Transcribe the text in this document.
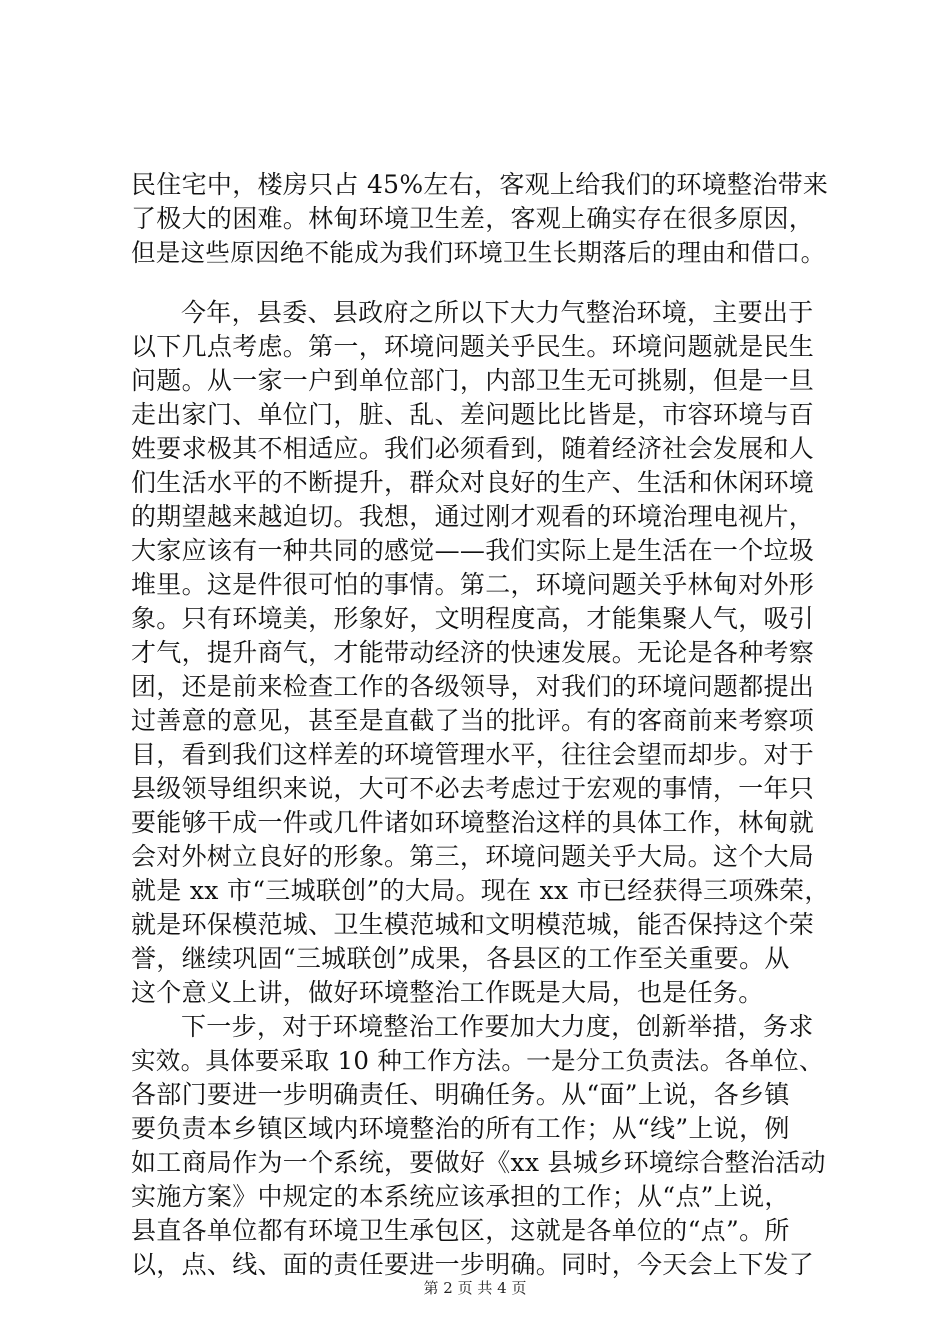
民住宅中，楼房只占 45%左右，客观上给我们的环境整治带来
了极大的困难。林甸环境卫生差，客观上确实存在很多原因，
但是这些原因绝不能成为我们环境卫生长期落后的理由和借口。
今年，县委、县政府之所以下大力气整治环境，主要出于
以下几点考虑。第一，环境问题关乎民生。环境问题就是民生
问题。从一家一户到单位部门，内部卫生无可挑剔，但是一旦
走出家门、单位门，脏、乱、差问题比比皆是，市容环境与百
姓要求极其不相适应。我们必须看到，随着经济社会发展和人
们生活水平的不断提升，群众对良好的生产、生活和休闲环境
的期望越来越迫切。我想，通过刚才观看的环境治理电视片，
大家应该有一种共同的感觉——我们实际上是生活在一个垃圾
堆里。这是件很可怕的事情。第二，环境问题关乎林甸对外形
象。只有环境美，形象好，文明程度高，才能集聚人气，吸引
才气，提升商气，才能带动经济的快速发展。无论是各种考察
团，还是前来检查工作的各级领导，对我们的环境问题都提出
过善意的意见，甚至是直截了当的批评。有的客商前来考察项
目，看到我们这样差的环境管理水平，往往会望而却步。对于
县级领导组织来说，大可不必去考虑过于宏观的事情，一年只
要能够干成一件或几件诸如环境整治这样的具体工作，林甸就
会对外树立良好的形象。第三，环境问题关乎大局。这个大局
就是 xx 市“三城联创”的大局。现在 xx 市已经获得三项殊荣，
就是环保模范城、卫生模范城和文明模范城，能否保持这个荣
誉，继续巩固“三城联创”成果，各县区的工作至关重要。从
这个意义上讲，做好环境整治工作既是大局，也是任务。
下一步，对于环境整治工作要加大力度，创新举措，务求
实效。具体要采取 10 种工作方法。一是分工负责法。各单位、
各部门要进一步明确责任、明确任务。从“面”上说，各乡镇
要负责本乡镇区域内环境整治的所有工作；从“线”上说，例
如工商局作为一个系统，要做好《xx 县城乡环境综合整治活动
实施方案》中规定的本系统应该承担的工作；从“点”上说，
县直各单位都有环境卫生承包区，这就是各单位的“点”。所
以，点、线、面的责任要进一步明确。同时，今天会上下发了
第 2 页 共 4 页
